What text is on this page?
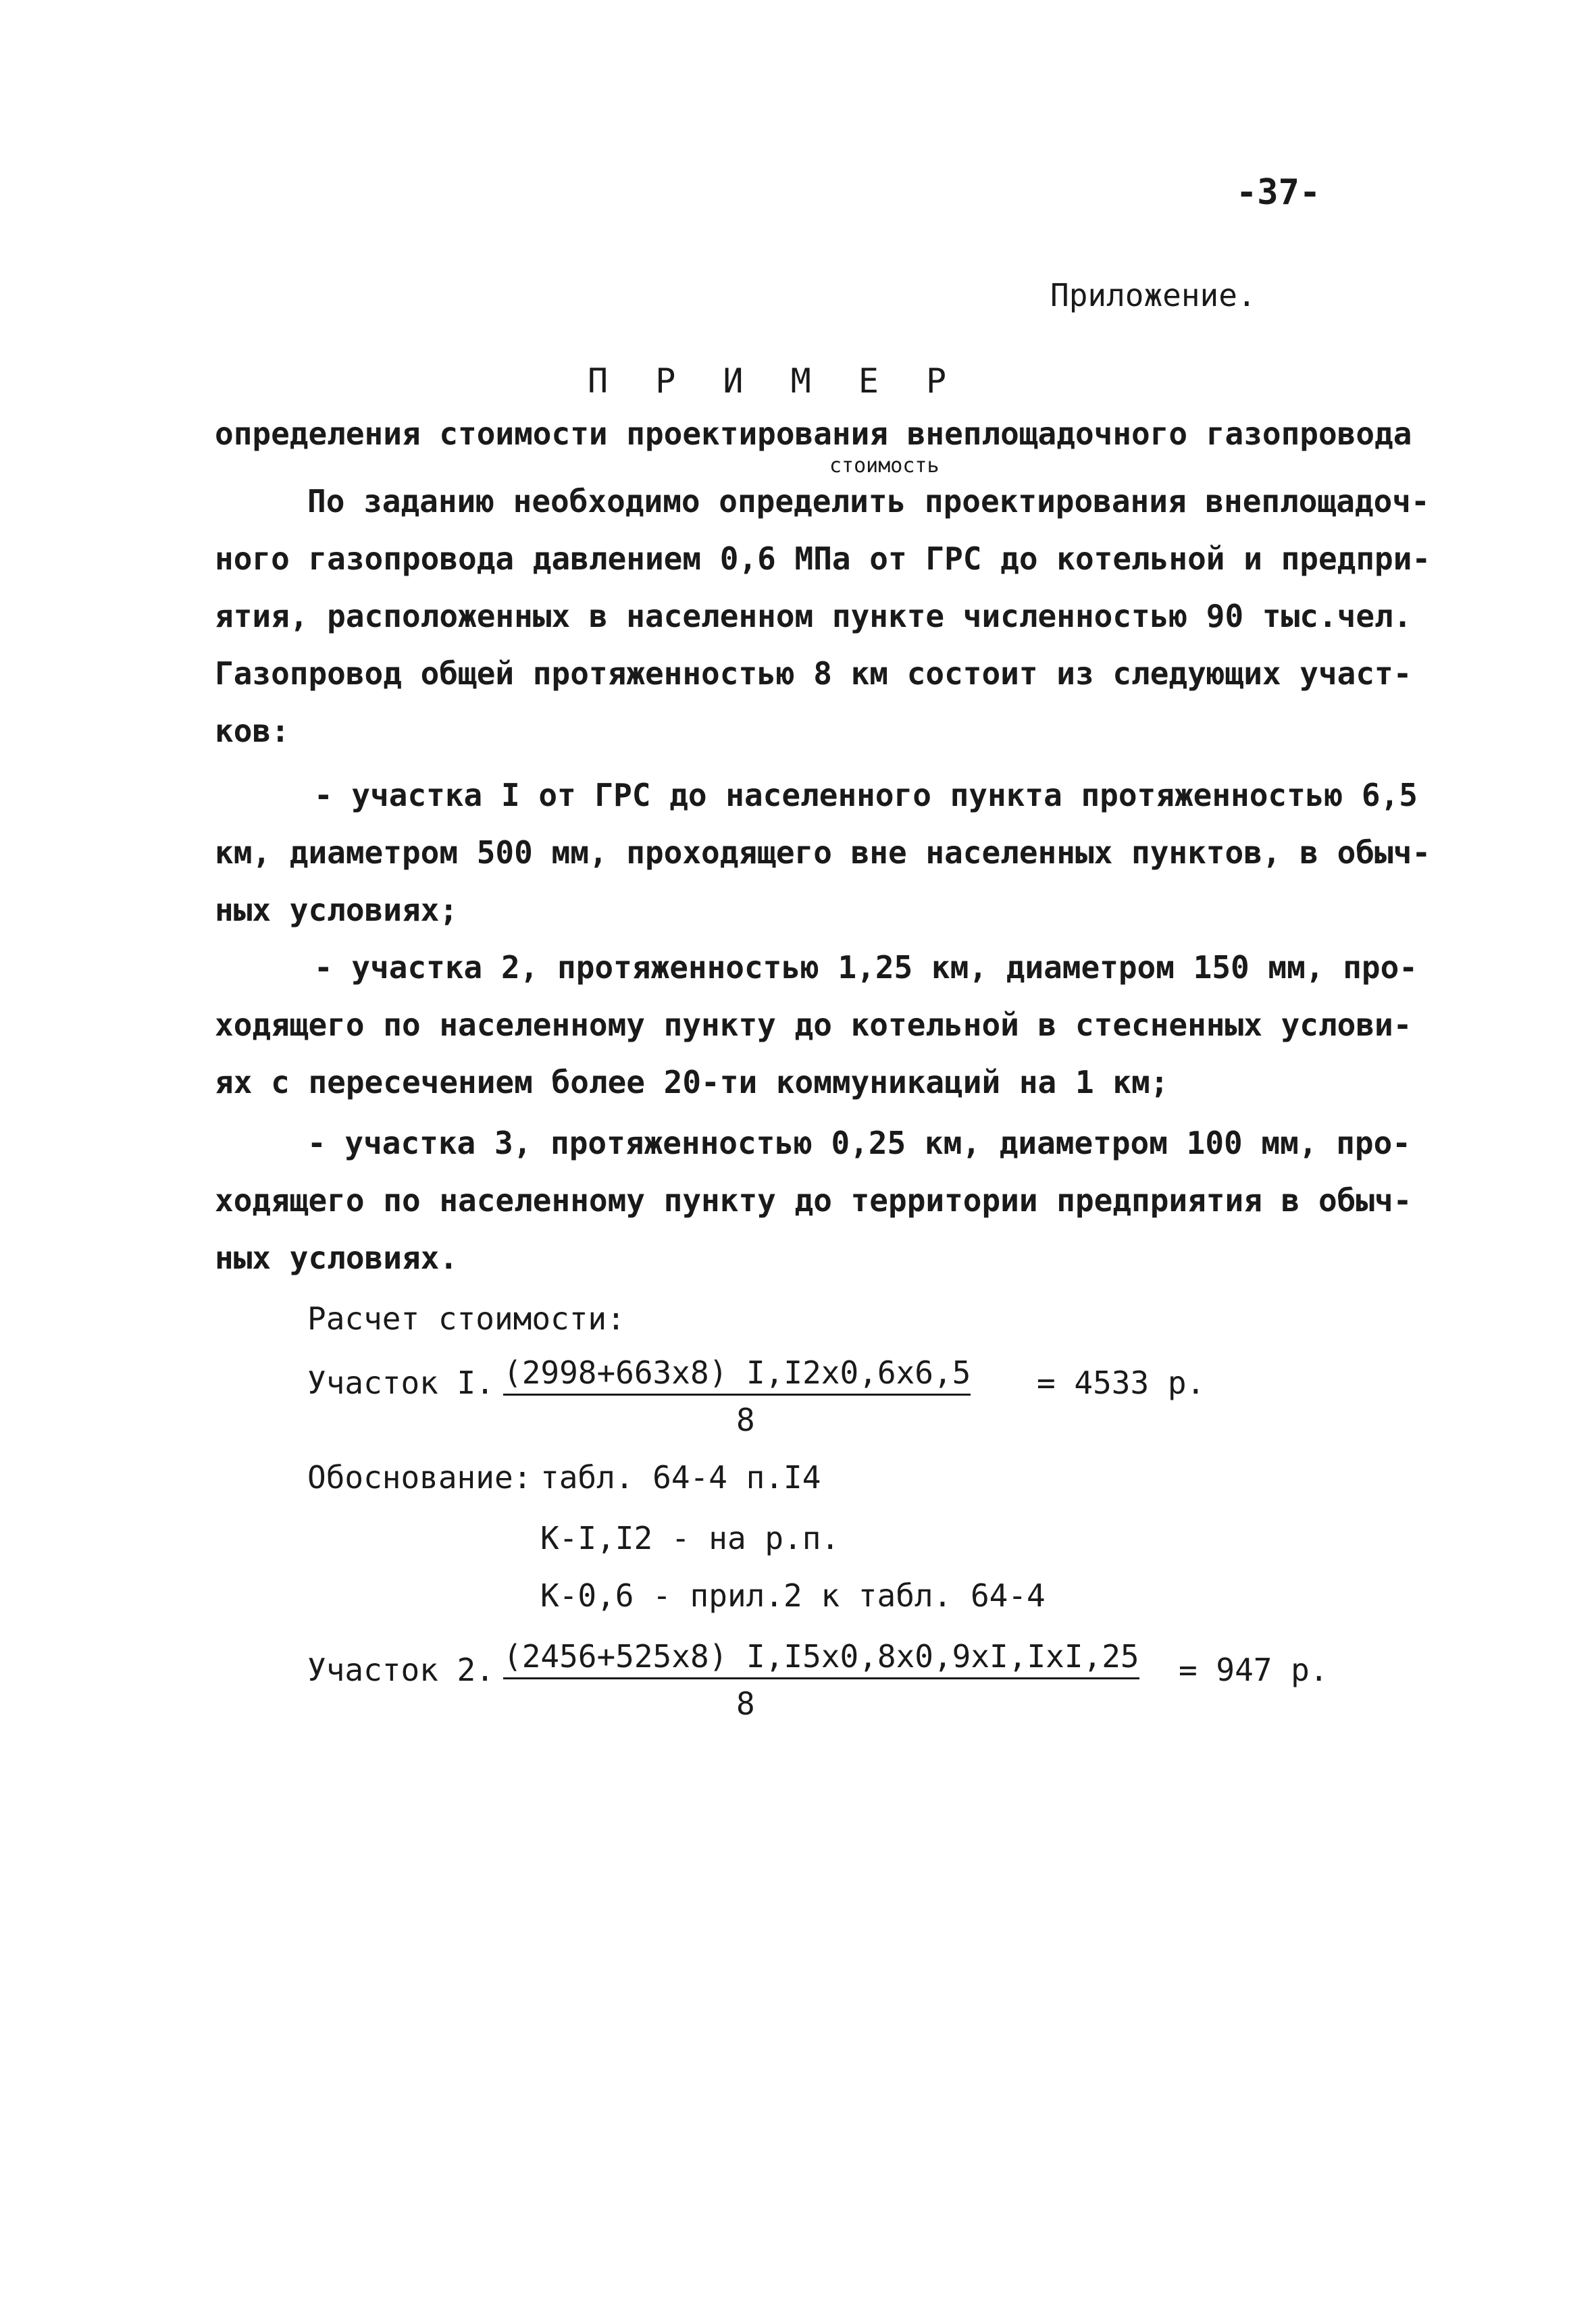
-37-
Приложение.
П Р И М Е Р
определения стоимости проектирования внеплощадочного газопровода
стоимость
По заданию необходимо определить проектирования внеплощадоч-
ного газопровода давлением 0,6 МПа от ГРС до котельной и предпри-
ятия, расположенных в населенном пункте численностью 90 тыс.чел.
Газопровод общей протяженностью 8 км состоит из следующих участ-
ков:
- участка I от ГРС до населенного пункта протяженностью 6,5
км, диаметром 500 мм, проходящего вне населенных пунктов, в обыч-
ных условиях;
- участка 2, протяженностью 1,25 км, диаметром 150 мм, про-
ходящего по населенному пункту до котельной в стесненных услови-
ях с пересечением более 20-ти коммуникаций на 1 км;
- участка 3, протяженностью 0,25 км, диаметром 100 мм, про-
ходящего по населенному пункту до территории предприятия в обыч-
ных условиях.
Расчет стоимости:
Участок I. (2998+663х8) I,I2х0,6х6,5
8
= 4533 р.
Обоснование: табл. 64-4 п.I4
К-I,I2 - на р.п.
К-0,6 - прил.2 к табл. 64-4
Участок 2. (2456+525х8) I,I5х0,8х0,9хI,IхI,25
8
= 947 р.
